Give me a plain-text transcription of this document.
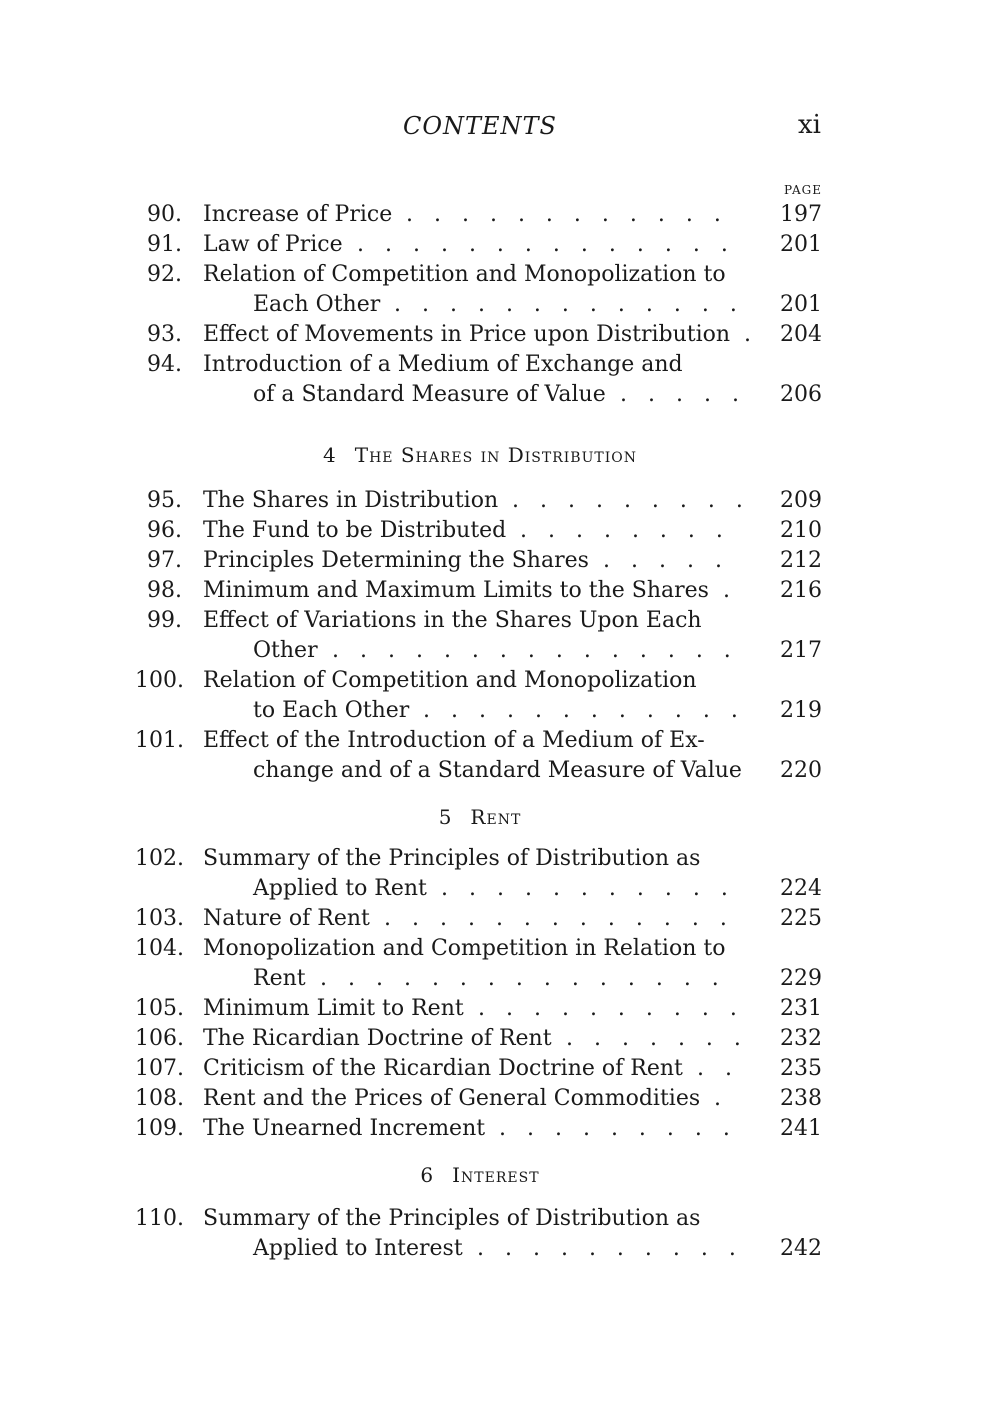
CONTENTS	xi
PAGE
90. Increase of Price . . . . . . . . . . . .	197
91. Law of Price . . . . . . . . . . . . . . 201
92. Relation of Competition and Monopolization to
Each Other . . . . . . . . . . . . . 201
93. Effect of Movements in Price upon Distribution . 204
94. Introduction of a Medium of Exchange and
of a Standard Measure of Value . . . . . 206
4 The Shares in Distribution
95. The Shares in Distribution . . . . . . . . . 209
96. The Fund to be Distributed . . . . . . . .	210
97. Principles Determining the Shares . . . . .	212
98. Minimum and Maximum Limits to the Shares . 216
99. Effect of Variations in the Shares Upon Each
Other . . . . . . . . . . . . . . . 217
100. Relation of Competition and Monopolization
to Each Other . . . . . . . . . . . . 219
101. Effect of the Introduction of a Medium of Ex-
change and of a Standard Measure of Value 220
5 Rent
102. Summary of the Principles of Distribution as
Applied to Rent . . . . . . . . . . . 224
103. Nature of Rent . . . . . . . . . . . . . 225
104. Monopolization and Competition in Relation to
Rent . . . . . . . . . . . . . . .	229
105. Minimum Limit to Rent . . . . . . . . . . 231
106. The Ricardian Doctrine of Rent . . . . . . . 232
107. Criticism of the Ricardian Doctrine of Rent . . 235
108. Rent and the Prices of General Commodities .	238
109. The Unearned Increment . . . . . . . . . 241
6 Interest
110. Summary of the Principles of Distribution as
Applied to Interest . . . . . . . . . . 242
